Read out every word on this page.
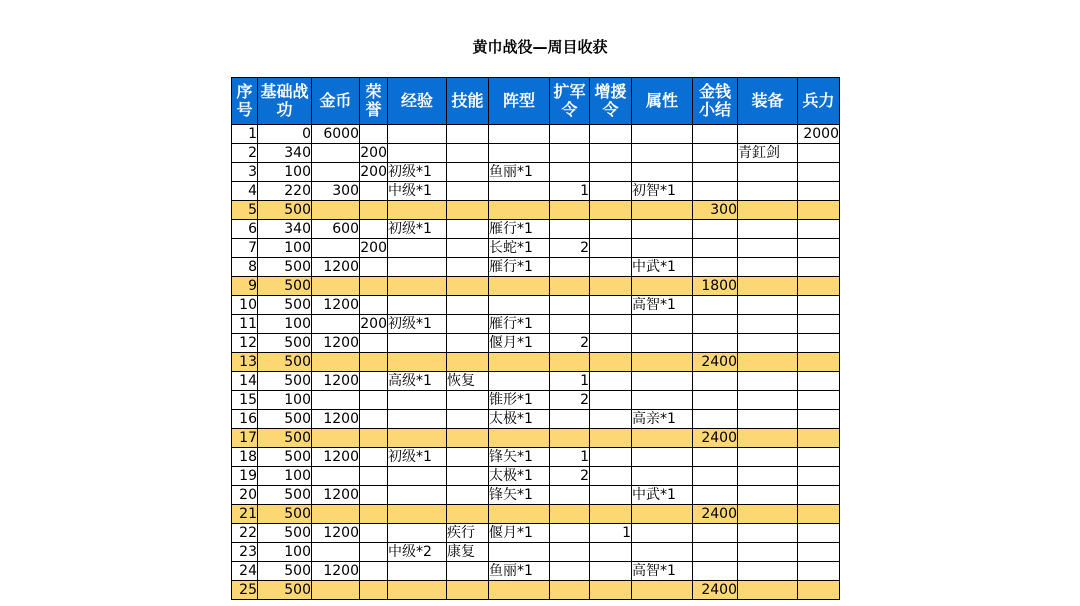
黄巾战役—周目收获
序号	基础战功	金币	荣誉	经验	技能	阵型	扩军令	增援令	属性	金钱小结	装备	兵力
1	0	6000										2000
2	340		200								青釭剑	
3	100		200	初级*1		鱼丽*1						
4	220	300		中级*1			1		初智*1			
5	500									300		
6	340	600		初级*1		雁行*1						
7	100		200			长蛇*1	2					
8	500	1200				雁行*1			中武*1			
9	500									1800		
10	500	1200							高智*1			
11	100		200	初级*1		雁行*1						
12	500	1200				偃月*1	2					
13	500									2400		
14	500	1200		高级*1	恢复		1					
15	100					锥形*1	2					
16	500	1200				太极*1			高亲*1			
17	500									2400		
18	500	1200		初级*1		锋矢*1	1					
19	100					太极*1	2					
20	500	1200				锋矢*1			中武*1			
21	500									2400		
22	500	1200			疾行	偃月*1		1				
23	100			中级*2	康复							
24	500	1200				鱼丽*1			高智*1			
25	500									2400		
